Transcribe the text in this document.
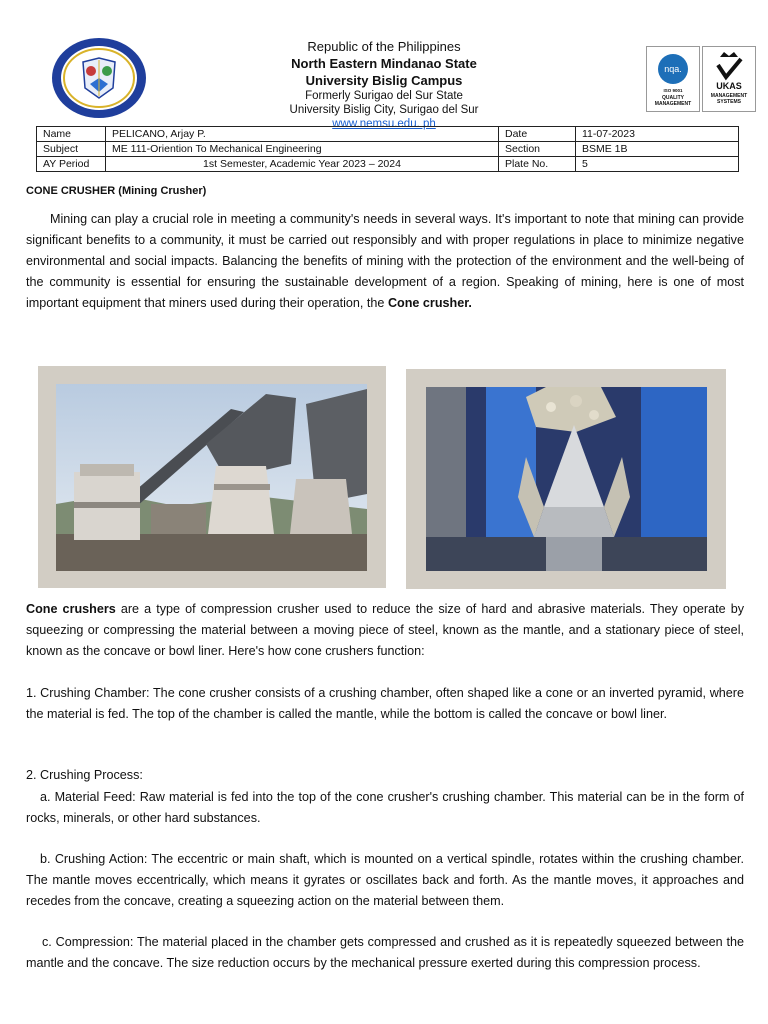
nqa.
ISO 9001
QUALITY MANAGEMENT
UKAS
MANAGEMENT SYSTEMS
Republic of the Philippines
North Eastern Mindanao State
University Bislig Campus
Formerly Surigao del Sur State
University Bislig City, Surigao del Sur
www.nemsu.edu. ph
Name	PELICANO, Arjay P.	Date	11-07-2023
Subject	ME 111-Oriention To Mechanical Engineering	Section	BSME 1B
AY Period	1st Semester, Academic Year 2023 – 2024	Plate No.	5
CONE CRUSHER (Mining Crusher)
Mining can play a crucial role in meeting a community's needs in several ways. It's important to note that mining can provide significant benefits to a community, it must be carried out responsibly and with proper regulations in place to minimize negative environmental and social impacts. Balancing the benefits of mining with the protection of the environment and the well-being of the community is essential for ensuring the sustainable development of a region. Speaking of mining, here is one of most important equipment that miners used during their operation, the Cone crusher.
Cone crushers are a type of compression crusher used to reduce the size of hard and abrasive materials. They operate by squeezing or compressing the material between a moving piece of steel, known as the mantle, and a stationary piece of steel, known as the concave or bowl liner. Here's how cone crushers function:
1. Crushing Chamber: The cone crusher consists of a crushing chamber, often shaped like a cone or an inverted pyramid, where the material is fed. The top of the chamber is called the mantle, while the bottom is called the concave or bowl liner.
2. Crushing Process:
a. Material Feed: Raw material is fed into the top of the cone crusher's crushing chamber. This material can be in the form of rocks, minerals, or other hard substances.
b. Crushing Action: The eccentric or main shaft, which is mounted on a vertical spindle, rotates within the crushing chamber. The mantle moves eccentrically, which means it gyrates or oscillates back and forth. As the mantle moves, it approaches and recedes from the concave, creating a squeezing action on the material between them.
c. Compression: The material placed in the chamber gets compressed and crushed as it is repeatedly squeezed between the mantle and the concave. The size reduction occurs by the mechanical pressure exerted during this compression process.
